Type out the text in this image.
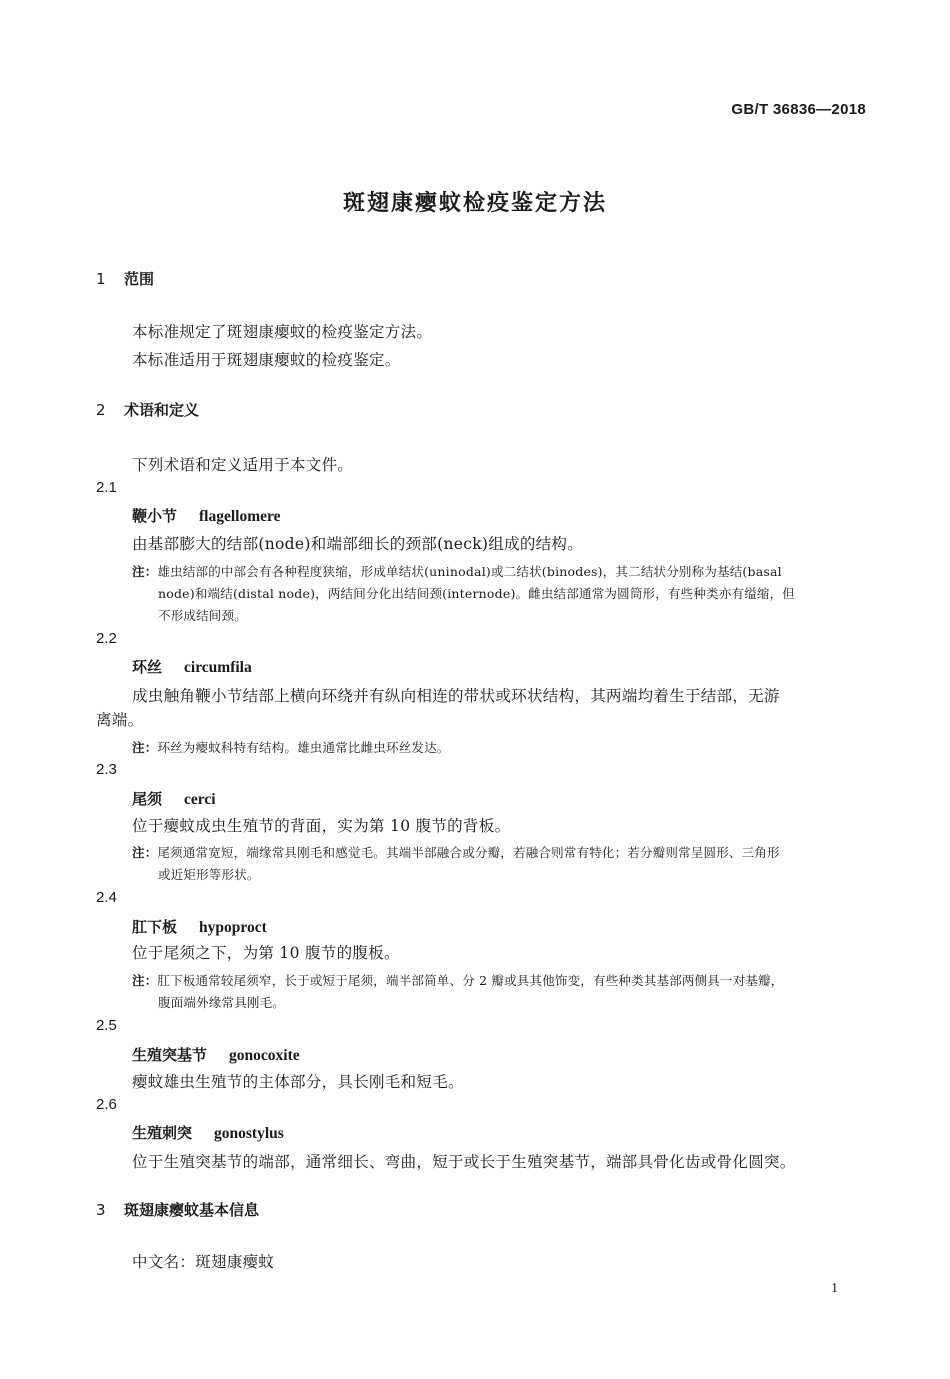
GB/T 36836—2018
斑翅康瘿蚊检疫鉴定方法
1 范围
本标准规定了斑翅康瘿蚊的检疫鉴定方法。
本标准适用于斑翅康瘿蚊的检疫鉴定。
2 术语和定义
下列术语和定义适用于本文件。
2.1
鞭小节 flagellomere
由基部膨大的结部(node)和端部细长的颈部(neck)组成的结构。
注：雄虫结部的中部会有各种程度狭缩，形成单结状(uninodal)或二结状(binodes)，其二结状分别称为基结(basal
node)和端结(distal node)，两结间分化出结间颈(internode)。雌虫结部通常为圆筒形，有些种类亦有缢缩，但
不形成结间颈。
2.2
环丝 circumfila
成虫触角鞭小节结部上横向环绕并有纵向相连的带状或环状结构，其两端均着生于结部，无游
离端。
注：环丝为瘿蚊科特有结构。雄虫通常比雌虫环丝发达。
2.3
尾须 cerci
位于瘿蚊成虫生殖节的背面，实为第 10 腹节的背板。
注：尾须通常宽短，端缘常具刚毛和感觉毛。其端半部融合或分瓣，若融合则常有特化；若分瓣则常呈圆形、三角形
或近矩形等形状。
2.4
肛下板 hypoproct
位于尾须之下，为第 10 腹节的腹板。
注：肛下板通常较尾须窄，长于或短于尾须，端半部简单、分 2 瓣或具其他饰变，有些种类其基部两侧具一对基瓣，
腹面端外缘常具刚毛。
2.5
生殖突基节 gonocoxite
瘿蚊雄虫生殖节的主体部分，具长刚毛和短毛。
2.6
生殖刺突 gonostylus
位于生殖突基节的端部，通常细长、弯曲，短于或长于生殖突基节，端部具骨化齿或骨化圆突。
3 斑翅康瘿蚊基本信息
中文名：斑翅康瘿蚊
1
